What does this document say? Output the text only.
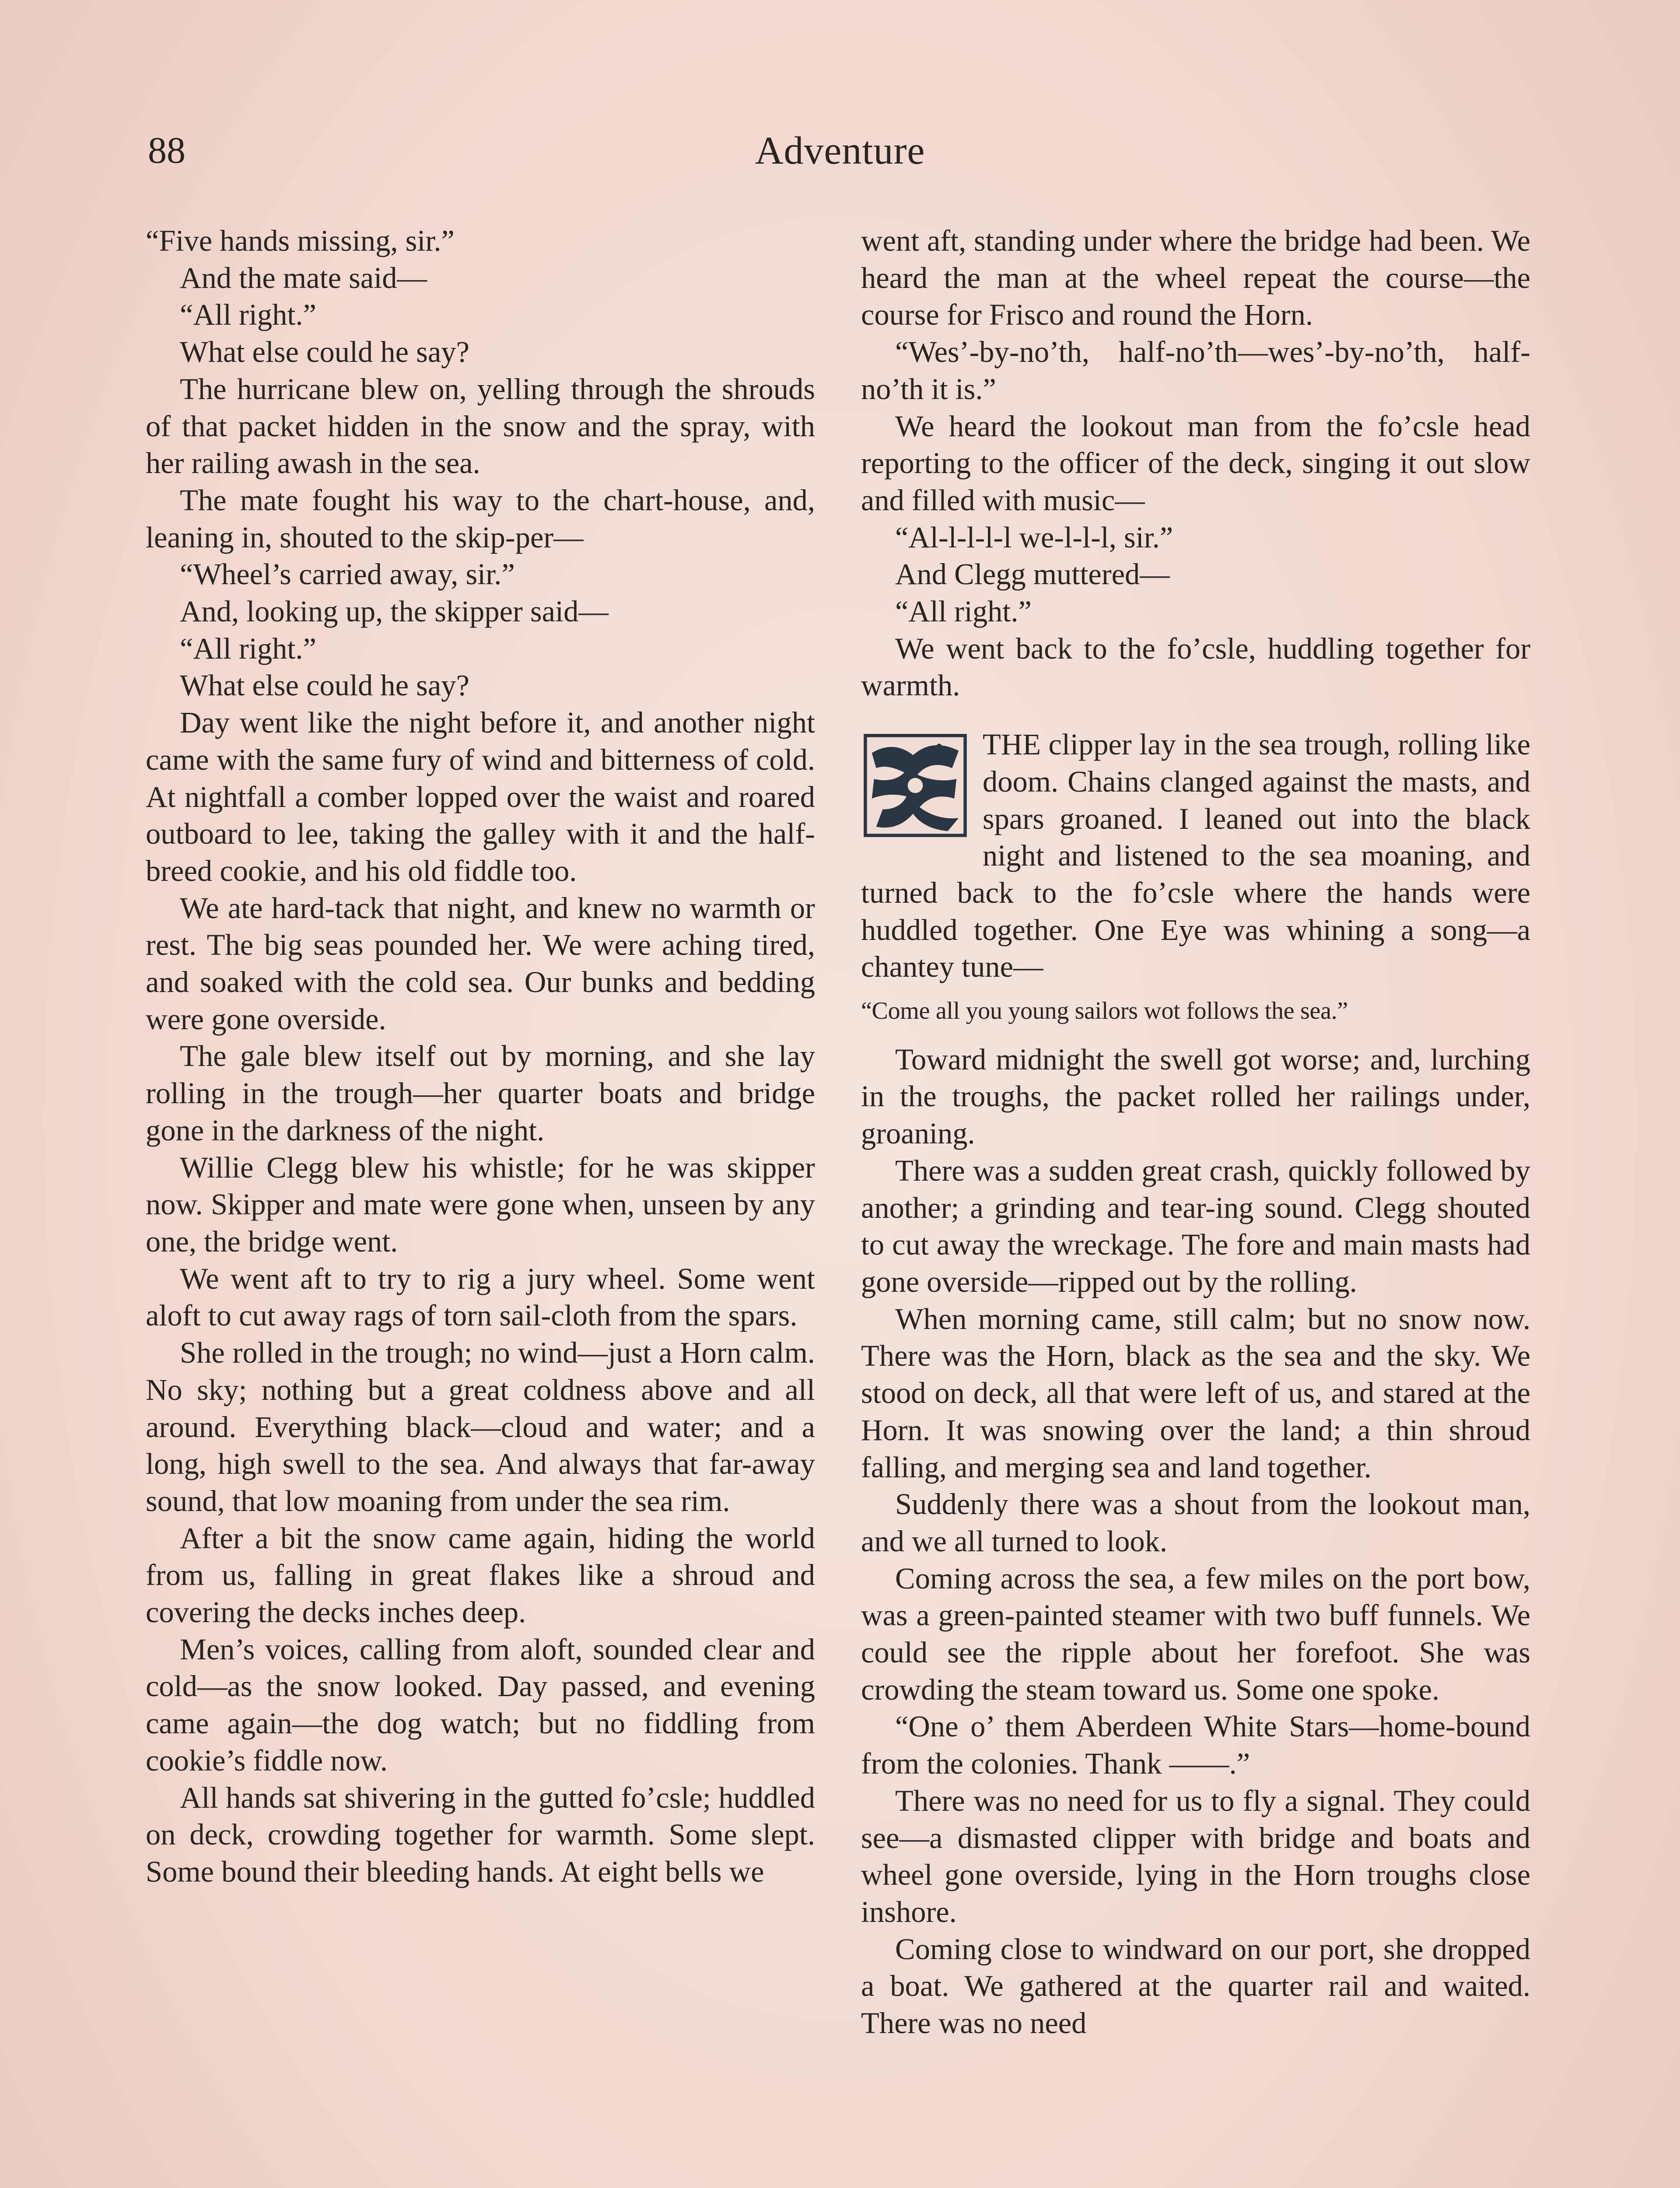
88	Adventure

“Five hands missing, sir.”

And the mate said—

“All right.”

What else could he say?

The hurricane blew on, yelling through the shrouds of that packet hidden in the snow and the spray, with her railing awash in the sea.

The mate fought his way to the chart-house, and, leaning in, shouted to the skip-per—

“Wheel’s carried away, sir.”

And, looking up, the skipper said—

“All right.”

What else could he say?

Day went like the night before it, and another night came with the same fury of wind and bitterness of cold. At nightfall a comber lopped over the waist and roared outboard to lee, taking the galley with it and the half-breed cookie, and his old fiddle too.

We ate hard-tack that night, and knew no warmth or rest. The big seas pounded her. We were aching tired, and soaked with the cold sea. Our bunks and bedding were gone overside.

The gale blew itself out by morning, and she lay rolling in the trough—her quarter boats and bridge gone in the darkness of the night.

Willie Clegg blew his whistle; for he was skipper now. Skipper and mate were gone when, unseen by any one, the bridge went.

We went aft to try to rig a jury wheel. Some went aloft to cut away rags of torn sail-cloth from the spars.

She rolled in the trough; no wind—just a Horn calm. No sky; nothing but a great coldness above and all around. Everything black—cloud and water; and a long, high swell to the sea. And always that far-away sound, that low moaning from under the sea rim.

After a bit the snow came again, hiding the world from us, falling in great flakes like a shroud and covering the decks inches deep.

Men’s voices, calling from aloft, sounded clear and cold—as the snow looked. Day passed, and evening came again—the dog watch; but no fiddling from cookie’s fiddle now.

All hands sat shivering in the gutted fo’csle; huddled on deck, crowding together for warmth. Some slept. Some bound their bleeding hands. At eight bells we

went aft, standing under where the bridge had been. We heard the man at the wheel repeat the course—the course for Frisco and round the Horn.

“Wes’-by-no’th, half-no’th—wes’-by-no’th, half-no’th it is.”

We heard the lookout man from the fo’csle head reporting to the officer of the deck, singing it out slow and filled with music—

“Al-l-l-l-l we-l-l-l, sir.”

And Clegg muttered—

“All right.”

We went back to the fo’csle, huddling together for warmth.

THE clipper lay in the sea trough, rolling like doom. Chains clanged against the masts, and spars groaned. I leaned out into the black night and listened to the sea moaning, and turned back to the fo’csle where the hands were huddled together. One Eye was whining a song—a chantey tune—

“Come all you young sailors wot follows the sea.”

Toward midnight the swell got worse; and, lurching in the troughs, the packet rolled her railings under, groaning.

There was a sudden great crash, quickly followed by another; a grinding and tear-ing sound. Clegg shouted to cut away the wreckage. The fore and main masts had gone overside—ripped out by the rolling.

When morning came, still calm; but no snow now. There was the Horn, black as the sea and the sky. We stood on deck, all that were left of us, and stared at the Horn. It was snowing over the land; a thin shroud falling, and merging sea and land together.

Suddenly there was a shout from the lookout man, and we all turned to look.

Coming across the sea, a few miles on the port bow, was a green-painted steamer with two buff funnels. We could see the ripple about her forefoot. She was crowding the steam toward us. Some one spoke.

“One o’ them Aberdeen White Stars—home-bound from the colonies. Thank ——.”

There was no need for us to fly a signal. They could see—a dismasted clipper with bridge and boats and wheel gone overside, lying in the Horn troughs close inshore.

Coming close to windward on our port, she dropped a boat. We gathered at the quarter rail and waited. There was no need
